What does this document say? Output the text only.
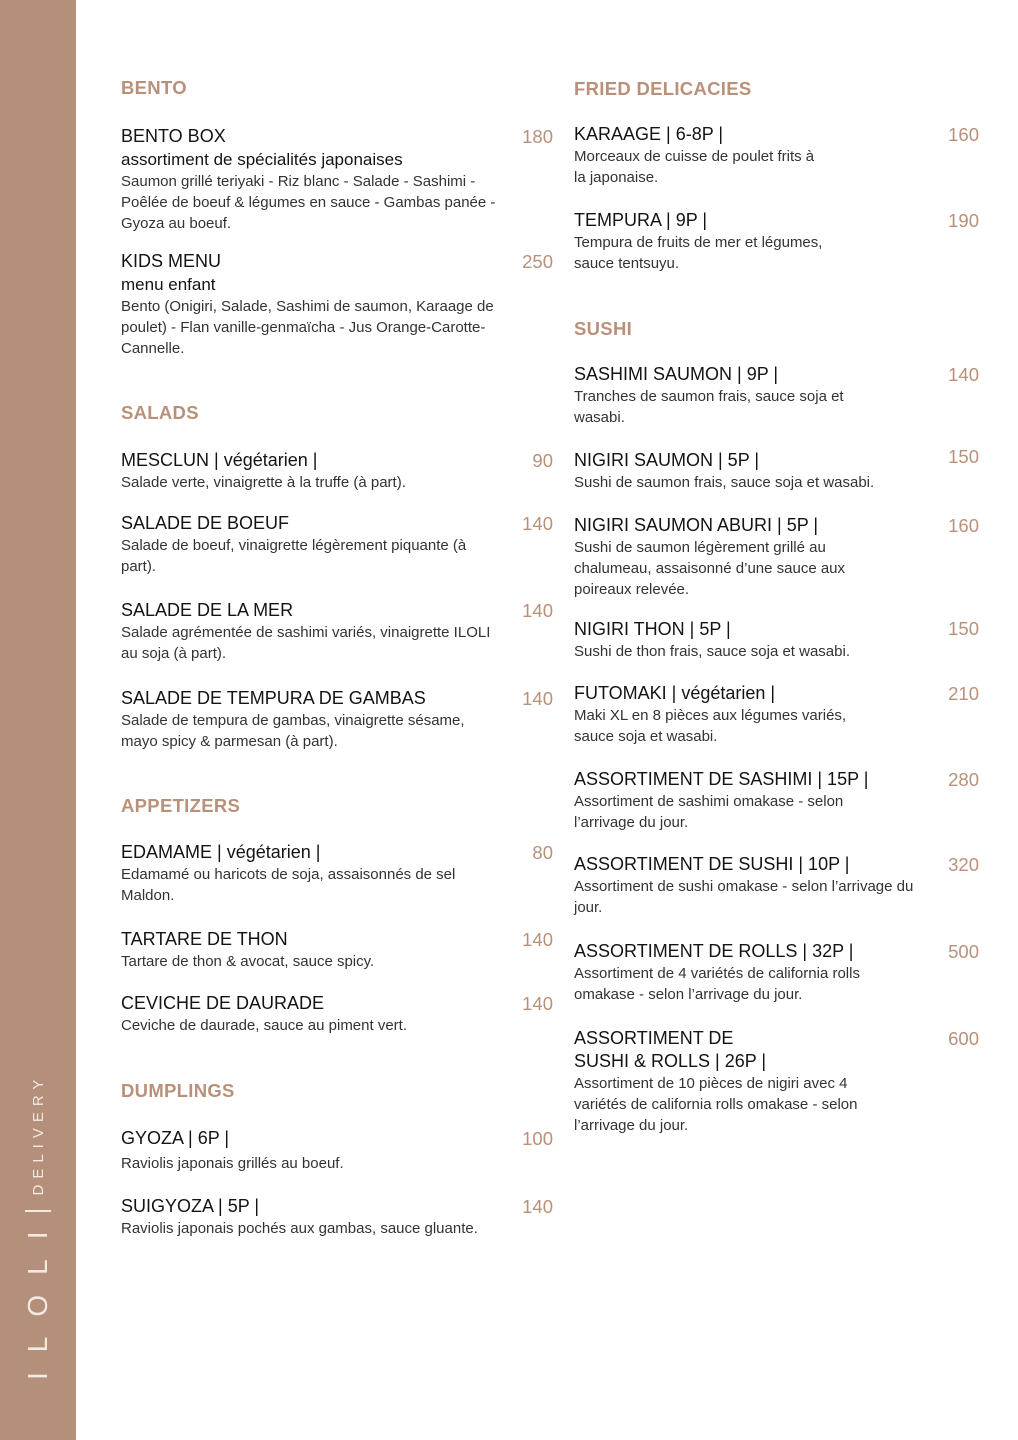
ILOLI
DELIVERY
BENTO
BENTO BOX
assortiment de spécialités japonaises
Saumon grillé teriyaki - Riz blanc - Salade - Sashimi - Poêlée de boeuf & légumes en sauce - Gambas panée - Gyoza au boeuf.
180
KIDS MENU
menu enfant
Bento (Onigiri, Salade, Sashimi de saumon, Karaage de poulet) - Flan vanille-genmaïcha - Jus Orange-Carotte-Cannelle.
250
SALADS
MESCLUN | végétarien |
Salade verte, vinaigrette à la truffe (à part).
90
SALADE DE BOEUF
Salade de boeuf, vinaigrette légèrement piquante (à part).
140
SALADE DE LA MER
Salade agrémentée de sashimi variés, vinaigrette ILOLI au soja (à part).
140
SALADE DE TEMPURA DE GAMBAS
Salade de tempura de gambas, vinaigrette sésame, mayo spicy & parmesan (à part).
140
APPETIZERS
EDAMAME | végétarien |
Edamamé ou haricots de soja, assaisonnés de sel Maldon.
80
TARTARE DE THON
Tartare de thon & avocat, sauce spicy.
140
CEVICHE DE DAURADE
Ceviche de daurade, sauce au piment vert.
140
DUMPLINGS
GYOZA | 6P |
Raviolis japonais grillés au boeuf.
100
SUIGYOZA | 5P |
Raviolis japonais pochés aux gambas, sauce gluante.
140
FRIED DELICACIES
KARAAGE | 6-8P |
Morceaux de cuisse de poulet frits à la japonaise.
160
TEMPURA | 9P |
Tempura de fruits de mer et légumes, sauce tentsuyu.
190
SUSHI
SASHIMI SAUMON | 9P |
Tranches de saumon frais, sauce soja et wasabi.
140
NIGIRI SAUMON | 5P |
Sushi de saumon frais, sauce soja et wasabi.
150
NIGIRI SAUMON ABURI | 5P |
Sushi de saumon légèrement grillé au chalumeau, assaisonné d’une sauce aux poireaux relevée.
160
NIGIRI THON | 5P |
Sushi de thon frais, sauce soja et wasabi.
150
FUTOMAKI | végétarien |
Maki XL en 8 pièces aux légumes variés, sauce soja et wasabi.
210
ASSORTIMENT DE SASHIMI | 15P |
Assortiment de sashimi omakase - selon l’arrivage du jour.
280
ASSORTIMENT DE SUSHI | 10P |
Assortiment de sushi omakase - selon l’arrivage du jour.
320
ASSORTIMENT DE ROLLS | 32P |
Assortiment de 4 variétés de california rolls omakase - selon l’arrivage du jour.
500
ASSORTIMENT DE SUSHI & ROLLS | 26P |
Assortiment de 10 pièces de nigiri avec 4 variétés de california rolls omakase - selon l’arrivage du jour.
600
